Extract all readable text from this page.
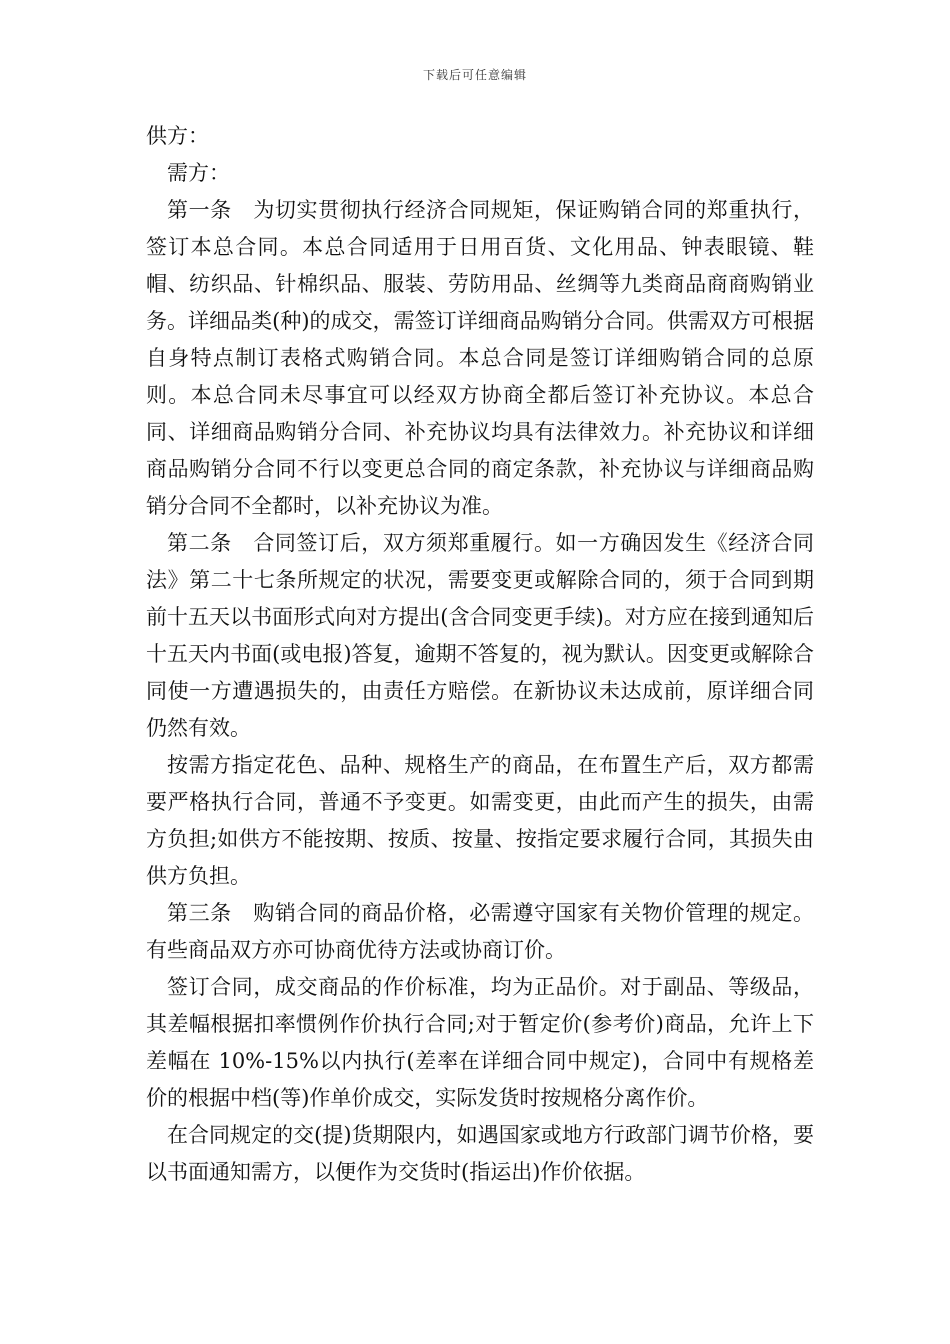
下载后可任意编辑

供方：

需方：

第一条　为切实贯彻执行经济合同规矩，保证购销合同的郑重执行，签订本总合同。本总合同适用于日用百货、文化用品、钟表眼镜、鞋帽、纺织品、针棉织品、服装、劳防用品、丝绸等九类商品商商购销业务。详细品类(种)的成交，需签订详细商品购销分合同。供需双方可根据自身特点制订表格式购销合同。本总合同是签订详细购销合同的总原则。本总合同未尽事宜可以经双方协商全都后签订补充协议。本总合同、详细商品购销分合同、补充协议均具有法律效力。补充协议和详细商品购销分合同不行以变更总合同的商定条款，补充协议与详细商品购销分合同不全都时，以补充协议为准。

第二条　合同签订后，双方须郑重履行。如一方确因发生《经济合同法》第二十七条所规定的状况，需要变更或解除合同的，须于合同到期前十五天以书面形式向对方提出(含合同变更手续)。对方应在接到通知后十五天内书面(或电报)答复，逾期不答复的，视为默认。因变更或解除合同使一方遭遇损失的，由责任方赔偿。在新协议未达成前，原详细合同仍然有效。

按需方指定花色、品种、规格生产的商品，在布置生产后，双方都需要严格执行合同，普通不予变更。如需变更，由此而产生的损失，由需方负担;如供方不能按期、按质、按量、按指定要求履行合同，其损失由供方负担。

第三条　购销合同的商品价格，必需遵守国家有关物价管理的规定。有些商品双方亦可协商优待方法或协商订价。

签订合同，成交商品的作价标准，均为正品价。对于副品、等级品，其差幅根据扣率惯例作价执行合同;对于暂定价(参考价)商品，允许上下差幅在 10%-15%以内执行(差率在详细合同中规定)，合同中有规格差价的根据中档(等)作单价成交，实际发货时按规格分离作价。

在合同规定的交(提)货期限内，如遇国家或地方行政部门调节价格，要以书面通知需方，以便作为交货时(指运出)作价依据。
